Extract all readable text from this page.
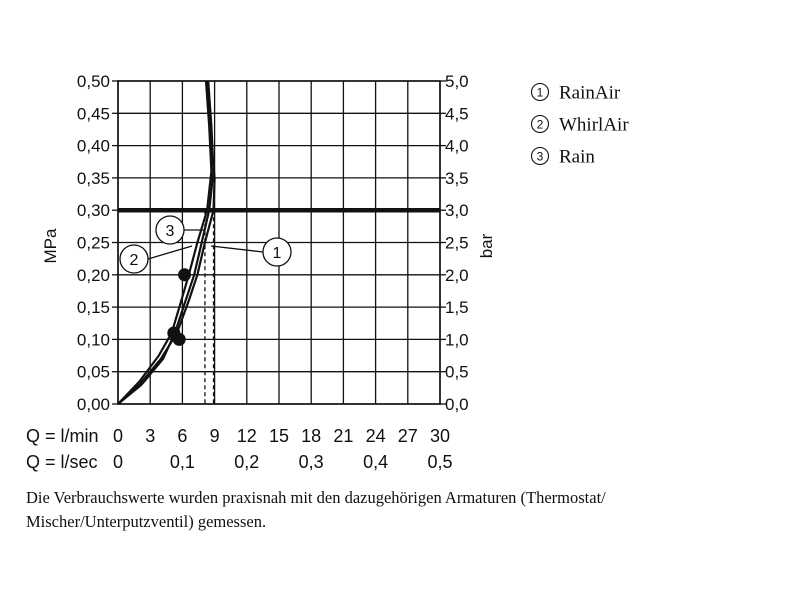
1
2
3
0,00
0,05
0,10
0,15
0,20
0,25
0,30
0,35
0,40
0,45
0,50
0,0
0,5
1,0
1,5
2,0
2,5
3,0
3,5
4,0
4,5
5,0
0 3 6 9 12 15 18 21 24 27 30
0	0,1 0,2 0,3 0,4 0,5
MPa	bar
Q = l/min
Q = l/sec
1 RainAir
2 WhirlAir
3 Rain

Die Verbrauchswerte wurden praxisnah mit den dazugehörigen Armaturen (Thermostat/ Mischer/Unterputzventil) gemessen.
